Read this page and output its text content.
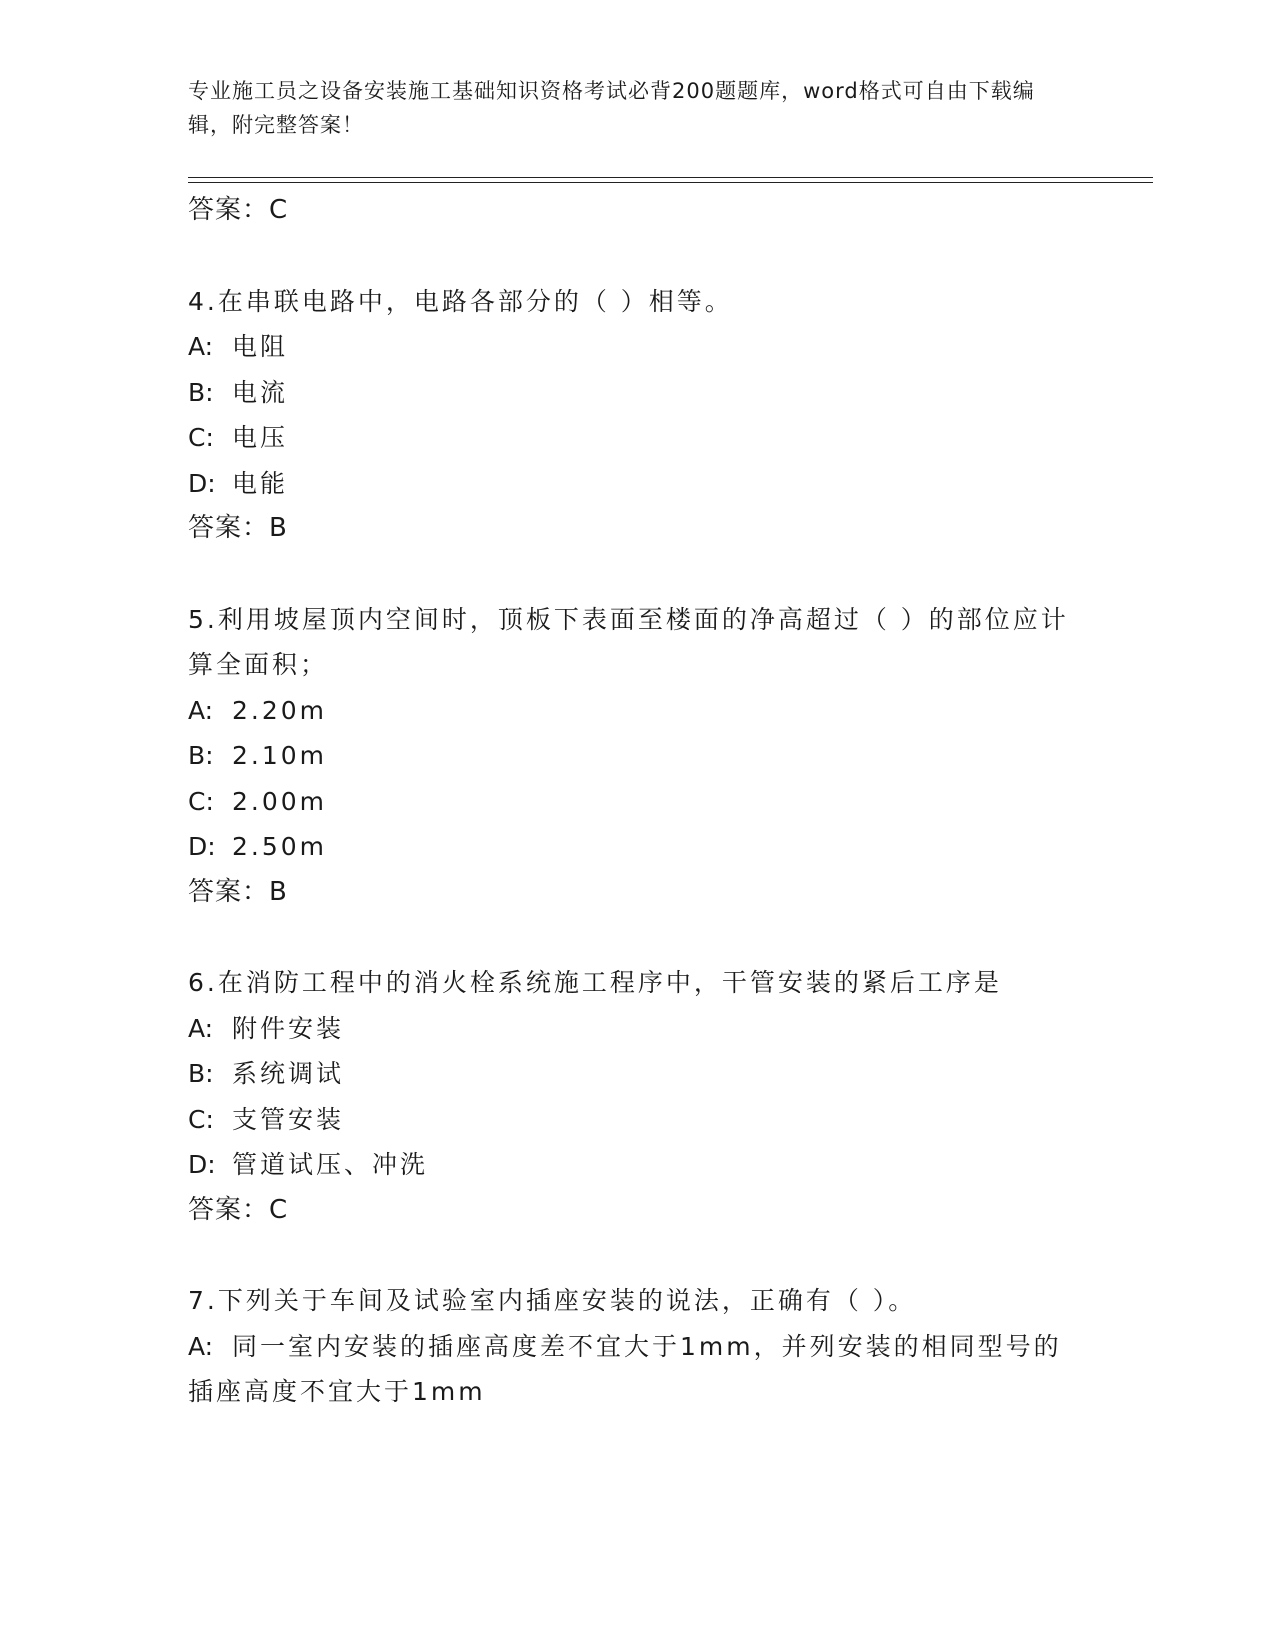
专业施工员之设备安装施工基础知识资格考试必背200题题库，word格式可自由下载编辑，附完整答案！
答案：C
4.在串联电路中，电路各部分的（ ）相等。
A: 电阻
B: 电流
C: 电压
D: 电能
答案：B
5.利用坡屋顶内空间时，顶板下表面至楼面的净高超过（ ）的部位应计算全面积；
A: 2.20m
B: 2.10m
C: 2.00m
D: 2.50m
答案：B
6.在消防工程中的消火栓系统施工程序中，干管安装的紧后工序是
A: 附件安装
B: 系统调试
C: 支管安装
D: 管道试压、冲洗
答案：C
7.下列关于车间及试验室内插座安装的说法，正确有（ ）。
A: 同一室内安装的插座高度差不宜大于1mm，并列安装的相同型号的插座高度不宜大于1mm
